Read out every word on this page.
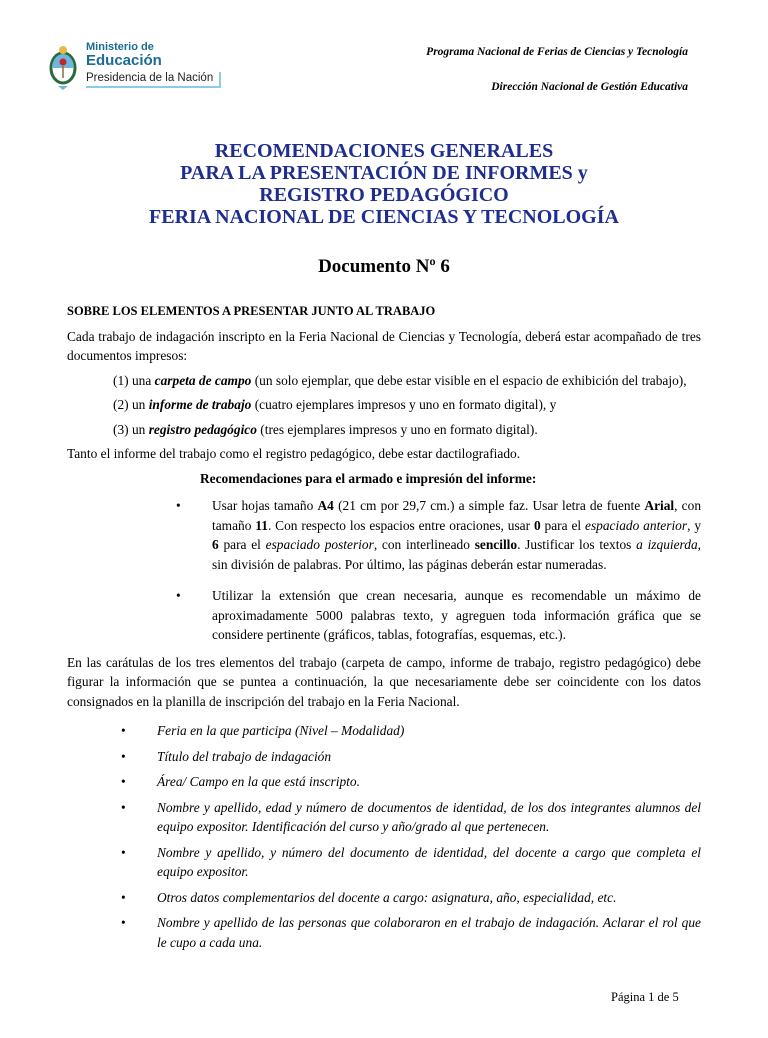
Ministerio de
Educación
Presidencia de la Nación
Programa Nacional de Ferias de Ciencias y Tecnología
Dirección Nacional de Gestión Educativa
RECOMENDACIONES GENERALES
PARA LA PRESENTACIÓN DE INFORMES y
REGISTRO PEDAGÓGICO
FERIA NACIONAL DE CIENCIAS Y TECNOLOGÍA
Documento Nº 6
SOBRE LOS ELEMENTOS A PRESENTAR JUNTO AL TRABAJO
Cada trabajo de indagación inscripto en la Feria Nacional de Ciencias y Tecnología, deberá estar acompañado de tres documentos impresos:
(1) una carpeta de campo (un solo ejemplar, que debe estar visible en el espacio de exhibición del trabajo),
(2) un informe de trabajo (cuatro ejemplares impresos y uno en formato digital), y
(3) un registro pedagógico (tres ejemplares impresos y uno en formato digital).
Tanto el informe del trabajo como el registro pedagógico, debe estar dactilografiado.
Recomendaciones para el armado e impresión del informe:
• Usar hojas tamaño A4 (21 cm por 29,7 cm.) a simple faz. Usar letra de fuente Arial, con tamaño 11. Con respecto los espacios entre oraciones, usar 0 para el espaciado anterior, y 6 para el espaciado posterior, con interlineado sencillo. Justificar los textos a izquierda, sin división de palabras. Por último, las páginas deberán estar numeradas.
• Utilizar la extensión que crean necesaria, aunque es recomendable un máximo de aproximadamente 5000 palabras texto, y agreguen toda información gráfica que se considere pertinente (gráficos, tablas, fotografías, esquemas, etc.).
En las carátulas de los tres elementos del trabajo (carpeta de campo, informe de trabajo, registro pedagógico) debe figurar la información que se puntea a continuación, la que necesariamente debe ser coincidente con los datos consignados en la planilla de inscripción del trabajo en la Feria Nacional.
• Feria en la que participa (Nivel – Modalidad)
• Título del trabajo de indagación
• Área/ Campo en la que está inscripto.
• Nombre y apellido, edad y número de documentos de identidad, de los dos integrantes alumnos del equipo expositor. Identificación del curso y año/grado al que pertenecen.
• Nombre y apellido, y número del documento de identidad, del docente a cargo que completa el equipo expositor.
• Otros datos complementarios del docente a cargo: asignatura, año, especialidad, etc.
• Nombre y apellido de las personas que colaboraron en el trabajo de indagación. Aclarar el rol que le cupo a cada una.
Página 1 de 5
